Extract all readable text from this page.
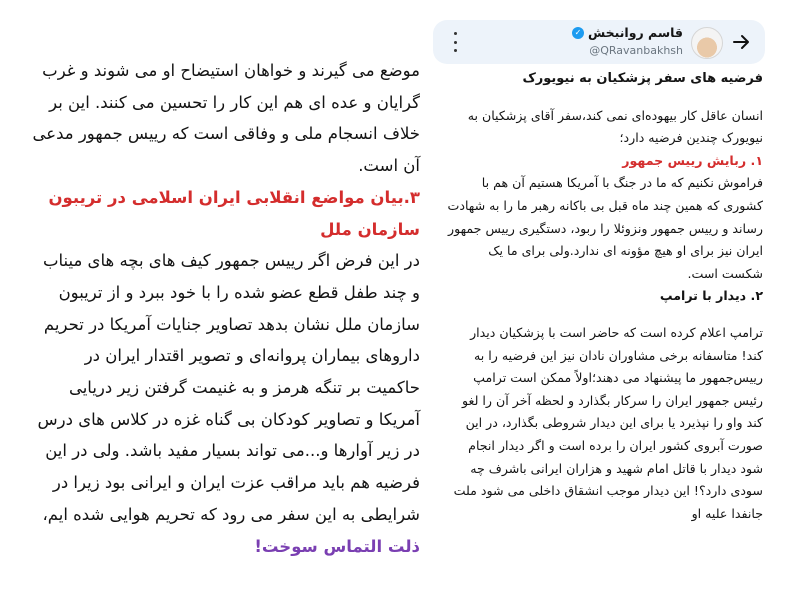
موضع می گیرند و خواهان استیضاح او می شوند و غرب گرایان و عده ای هم این کار را تحسین می کنند. این بر خلاف انسجام ملی و وفاقی است که رییس جمهور مدعی آن است.

۳.بیان مواضع انقلابی ایران اسلامی در تریبون سازمان ملل

در این فرض اگر رییس جمهور کیف های بچه های میناب و چند طفل قطع عضو شده را با خود ببرد و از تریبون سازمان ملل نشان بدهد تصاویر جنایات آمریکا در تحریم داروهای بیماران پروانه‌ای و تصویر اقتدار ایران در حاکمیت بر تنگه هرمز و به غنیمت گرفتن زیر دریایی آمریکا و تصاویر کودکان بی گناه غزه در کلاس های درس در زیر آوارها و...می تواند بسیار مفید باشد. ولی در این فرضیه هم باید مراقب عزت ایران و ایرانی بود زیرا در شرایطی به این سفر می رود که تحریم هوایی شده ایم،

ذلت التماس سوخت!

قاسم روانبخش
✓
@QRavanbakhsh

فرضیه های سفر پزشکیان به نیویورک

انسان عاقل کار بیهوده‌ای نمی کند،سفر آقای پزشکیان به نیویورک چندین فرضیه دارد؛

۱. ربایش رییس جمهور

فراموش نکنیم که ما در جنگ با آمریکا هستیم آن هم با کشوری که همین چند ماه قبل بی باکانه رهبر ما را به شهادت رساند و رییس جمهور ونزوئلا را ربود، دستگیری رییس جمهور ایران نیز برای او هیچ مؤونه ای ندارد.ولی برای ما یک شکست است.

۲. دیدار با ترامپ

ترامپ اعلام کرده است که حاضر است با پزشکیان دیدار کند! متاسفانه برخی مشاوران نادان نیز این فرضیه را به رییس‌جمهور ما پیشنهاد می دهند؛اولاً ممکن است ترامپ رئیس جمهور ایران را سرکار بگذارد و لحظه آخر آن را لغو کند واو را نپذیرد یا برای این دیدار شروطی بگذارد، در این صورت آبروی کشور ایران را برده است و اگر دیدار انجام شود دیدار با قاتل امام شهید و هزاران ایرانی باشرف چه سودی دارد؟! این دیدار موجب انشقاق داخلی می شود ملت جانفدا علیه او
